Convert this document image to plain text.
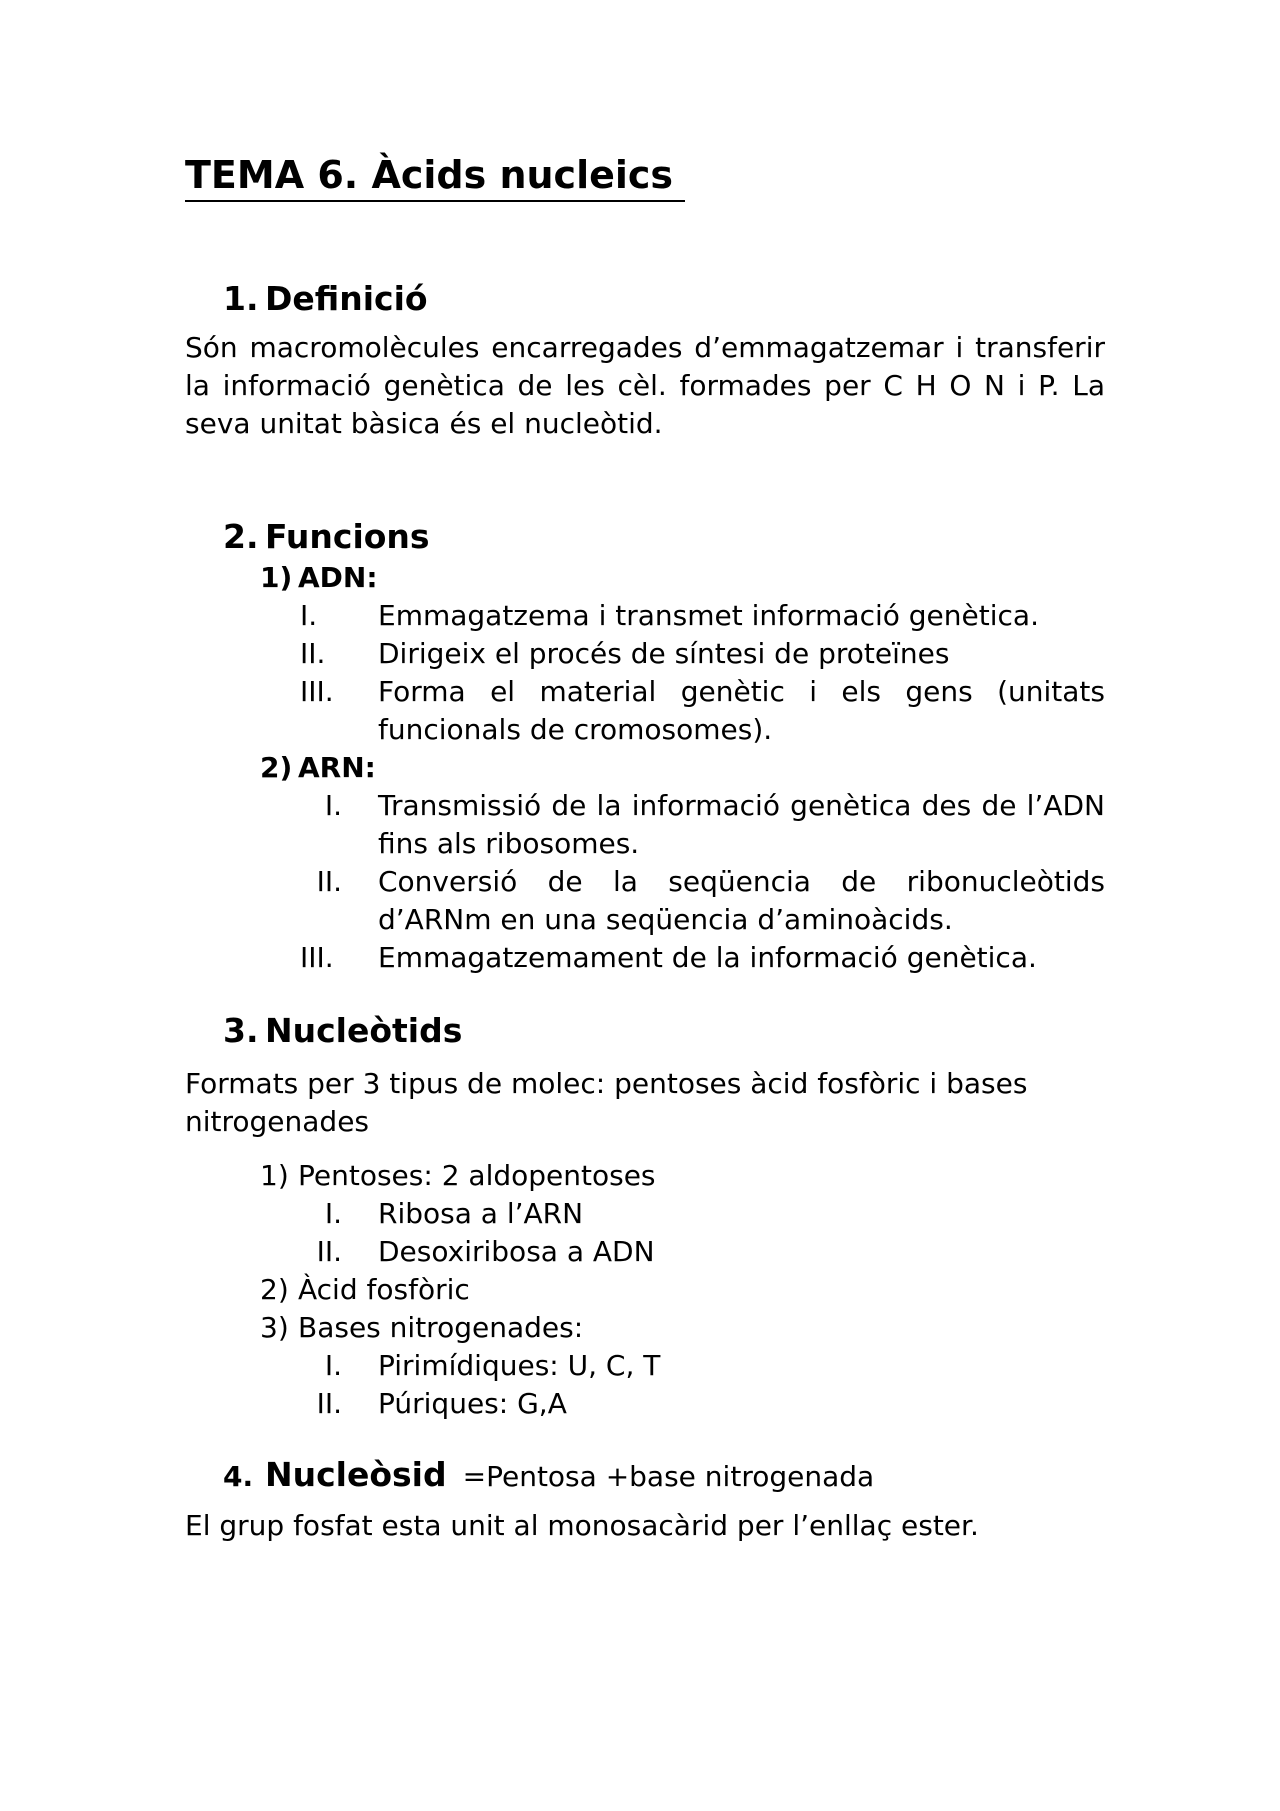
TEMA 6. Àcids nucleics
1. Definició

Són macromolècules encarregades d’emmagatzemar i transferir la informació genètica de les cèl. formades per C H O N i P. La seva unitat bàsica és el nucleòtid.

2. Funcions
1) ADN:
I.	Emmagatzema i transmet informació genètica.
II.	Dirigeix el procés de síntesi de proteïnes
III.	Forma el material genètic i els gens (unitats funcionals de cromosomes).
2) ARN:
I.	Transmissió de la informació genètica des de l’ADN fins als ribosomes.
II.	Conversió de la seqüencia de ribonucleòtids d’ARNm en una seqüencia d’aminoàcids.
III.	Emmagatzemament de la informació genètica.
3. Nucleòtids

Formats per 3 tipus de molec: pentoses àcid fosfòric i bases nitrogenades

1) Pentoses: 2 aldopentoses
I.	Ribosa a l’ARN
II.	Desoxiribosa a ADN
2) Àcid fosfòric
3) Bases nitrogenades:
I.	Pirimídiques: U, C, T
II.	Púriques: G,A
4. Nucleòsid =Pentosa +base nitrogenada

El grup fosfat esta unit al monosacàrid per l’enllaç ester.
